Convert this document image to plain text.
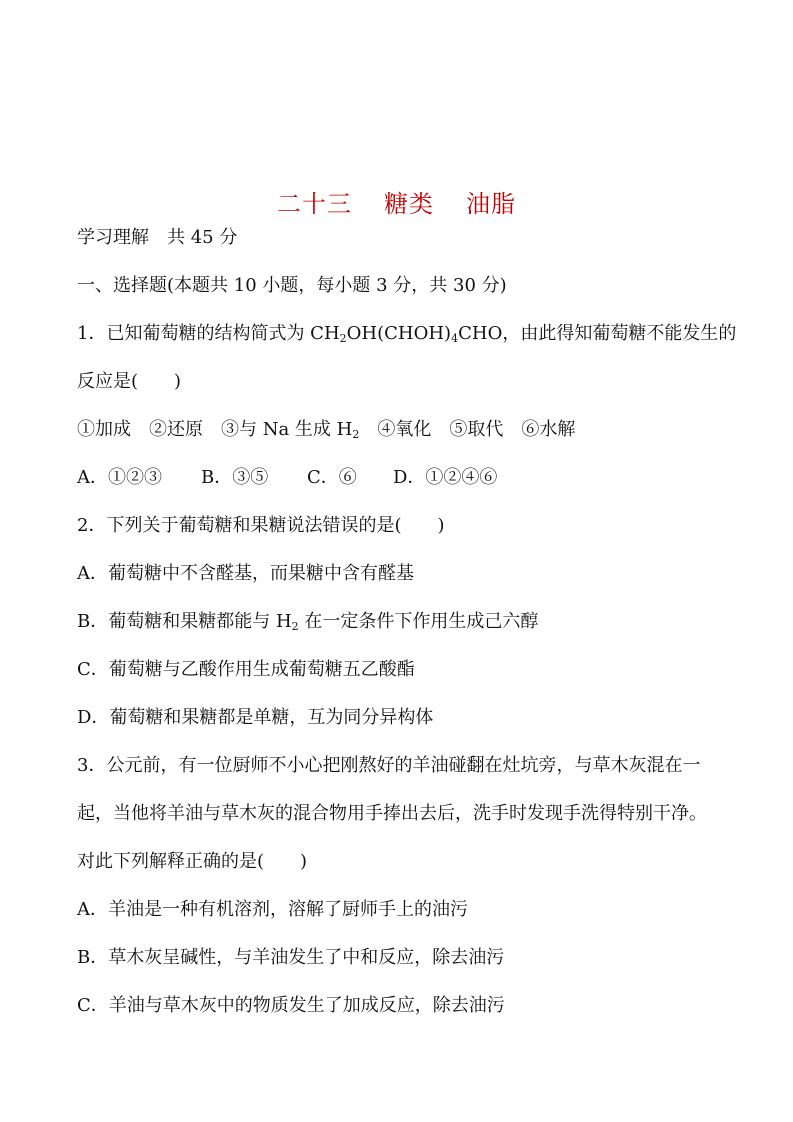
二十三 糖类 油脂
学习理解　共 45 分
一、选择题(本题共 10 小题，每小题 3 分，共 30 分)
1．已知葡萄糖的结构简式为 $CH_2OH(CHOH)_4CHO$，由此得知葡萄糖不能发生的
反应是(　　)
①加成　②还原　③与 Na 生成 $H_2$　④氧化　⑤取代　⑥水解
A．①②③ B．③⑤ C．⑥ D．①②④⑥
2．下列关于葡萄糖和果糖说法错误的是(　　)
A．葡萄糖中不含醛基，而果糖中含有醛基
B．葡萄糖和果糖都能与 $H_2$ 在一定条件下作用生成己六醇
C．葡萄糖与乙酸作用生成葡萄糖五乙酸酯
D．葡萄糖和果糖都是单糖，互为同分异构体
3．公元前，有一位厨师不小心把刚熬好的羊油碰翻在灶坑旁，与草木灰混在一
起，当他将羊油与草木灰的混合物用手捧出去后，洗手时发现手洗得特别干净。
对此下列解释正确的是(　　)
A．羊油是一种有机溶剂，溶解了厨师手上的油污
B．草木灰呈碱性，与羊油发生了中和反应，除去油污
C．羊油与草木灰中的物质发生了加成反应，除去油污
